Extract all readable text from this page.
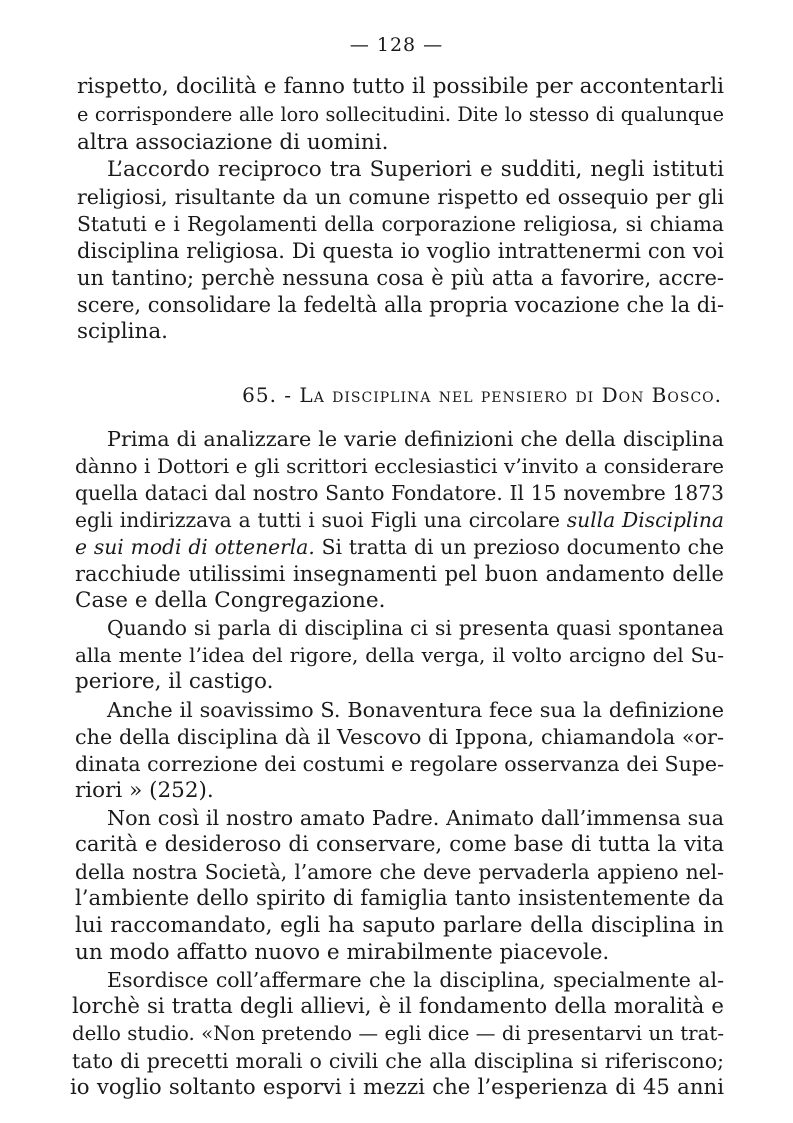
— 128 —
rispetto, docilità e fanno tutto il possibile per accontentarli
e corrispondere alle loro sollecitudini. Dite lo stesso di qualunque
altra associazione di uomini.
L’accordo reciproco tra Superiori e sudditi, negli istituti
religiosi, risultante da un comune rispetto ed ossequio per gli
Statuti e i Regolamenti della corporazione religiosa, si chiama
disciplina religiosa. Di questa io voglio intrattenermi con voi
un tantino; perchè nessuna cosa è più atta a favorire, accre-
scere, consolidare la fedeltà alla propria vocazione che la di-
sciplina.
65. - La disciplina nel pensiero di Don Bosco.
Prima di analizzare le varie definizioni che della disciplina
dànno i Dottori e gli scrittori ecclesiastici v’invito a considerare
quella dataci dal nostro Santo Fondatore. Il 15 novembre 1873
egli indirizzava a tutti i suoi Figli una circolare sulla Disciplina
e sui modi di ottenerla. Si tratta di un prezioso documento che
racchiude utilissimi insegnamenti pel buon andamento delle
Case e della Congregazione.
Quando si parla di disciplina ci si presenta quasi spontanea
alla mente l’idea del rigore, della verga, il volto arcigno del Su-
periore, il castigo.
Anche il soavissimo S. Bonaventura fece sua la definizione
che della disciplina dà il Vescovo di Ippona, chiamandola «or-
dinata correzione dei costumi e regolare osservanza dei Supe-
riori » (252).
Non così il nostro amato Padre. Animato dall’immensa sua
carità e desideroso di conservare, come base di tutta la vita
della nostra Società, l’amore che deve pervaderla appieno nel-
l’ambiente dello spirito di famiglia tanto insistentemente da
lui raccomandato, egli ha saputo parlare della disciplina in
un modo affatto nuovo e mirabilmente piacevole.
Esordisce coll’affermare che la disciplina, specialmente al-
lorchè si tratta degli allievi, è il fondamento della moralità e
dello studio. «Non pretendo — egli dice — di presentarvi un trat-
tato di precetti morali o civili che alla disciplina si riferiscono;
io voglio soltanto esporvi i mezzi che l’esperienza di 45 anni
